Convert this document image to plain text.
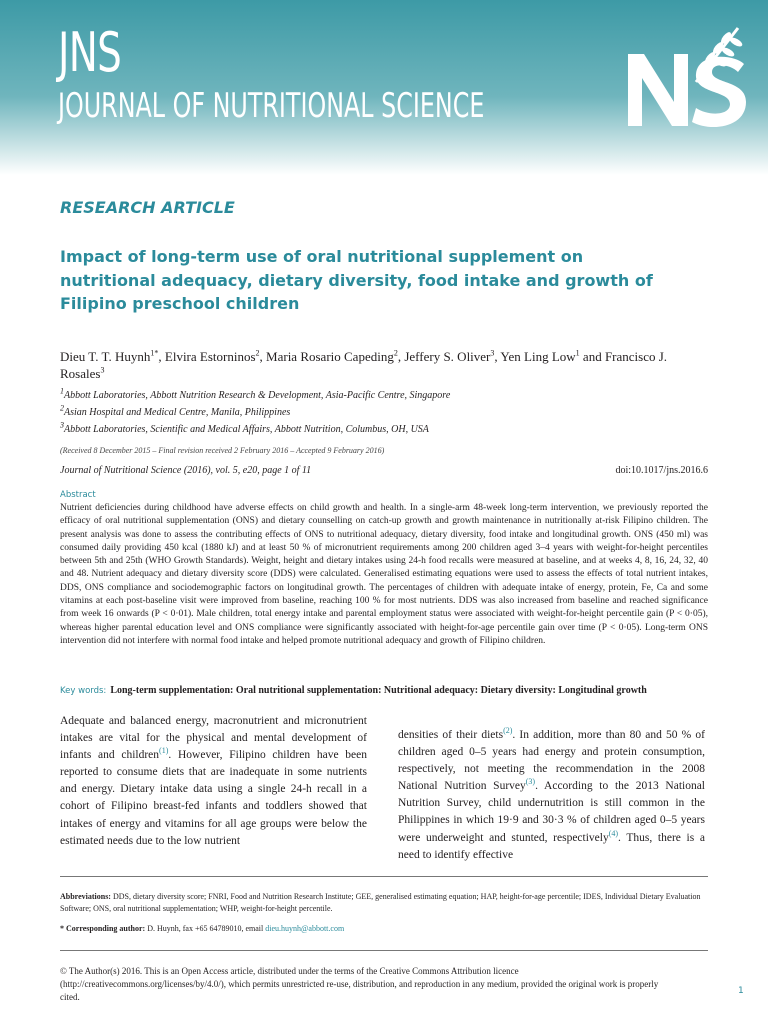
JNS
JOURNAL OF NUTRITIONAL SCIENCE

RESEARCH ARTICLE

Impact of long-term use of oral nutritional supplement on nutritional adequacy, dietary diversity, food intake and growth of Filipino preschool children

Dieu T. T. Huynh$^{1*}$, Elvira Estorninos$^2$, Maria Rosario Capeding$^2$, Jeffery S. Oliver$^3$, Yen Ling Low$^1$ and Francisco J. Rosales$^3$

$^1$Abbott Laboratories, Abbott Nutrition Research & Development, Asia-Pacific Centre, Singapore

$^2$Asian Hospital and Medical Centre, Manila, Philippines

$^3$Abbott Laboratories, Scientific and Medical Affairs, Abbott Nutrition, Columbus, OH, USA

(Received 8 December 2015 – Final revision received 2 February 2016 – Accepted 9 February 2016)

Journal of Nutritional Science (2016), vol. 5, e20, page 1 of 11	doi:10.1017/jns.2016.6
Abstract

Nutrient deficiencies during childhood have adverse effects on child growth and health. In a single-arm 48-week long-term intervention, we previously reported the efficacy of oral nutritional supplementation (ONS) and dietary counselling on catch-up growth and growth maintenance in nutritionally at-risk Filipino children. The present analysis was done to assess the contributing effects of ONS to nutritional adequacy, dietary diversity, food intake and longitudinal growth. ONS (450 ml) was consumed daily providing 450 kcal (1880 kJ) and at least 50 % of micronutrient requirements among 200 children aged 3–4 years with weight-for-height percentiles between 5th and 25th (WHO Growth Standards). Weight, height and dietary intakes using 24-h food recalls were measured at baseline, and at weeks 4, 8, 16, 24, 32, 40 and 48. Nutrient adequacy and dietary diversity score (DDS) were calculated. Generalised estimating equations were used to assess the effects of total nutrient intakes, DDS, ONS compliance and sociodemographic factors on longitudinal growth. The percentages of children with adequate intake of energy, protein, Fe, Ca and some vitamins at each post-baseline visit were improved from baseline, reaching 100 % for most nutrients. DDS was also increased from baseline and reached significance from week 16 onwards (P < 0·01). Male children, total energy intake and parental employment status were associated with weight-for-height percentile gain (P < 0·05), whereas higher parental education level and ONS compliance were significantly associated with height-for-age percentile gain over time (P < 0·05). Long-term ONS intervention did not interfere with normal food intake and helped promote nutritional adequacy and growth of Filipino children.

Key words: Long-term supplementation: Oral nutritional supplementation: Nutritional adequacy: Dietary diversity: Longitudinal growth

Adequate and balanced energy, macronutrient and micronutrient intakes are vital for the physical and mental development of infants and children$^{(1)}$. However, Filipino children have been reported to consume diets that are inadequate in some nutrients and energy. Dietary intake data using a single 24-h recall in a cohort of Filipino breast-fed infants and toddlers showed that intakes of energy and vitamins for all age groups were below the estimated needs due to the low nutrient

densities of their diets$^{(2)}$. In addition, more than 80 and 50 % of children aged 0–5 years had energy and protein consumption, respectively, not meeting the recommendation in the 2008 National Nutrition Survey$^{(3)}$. According to the 2013 National Nutrition Survey, child undernutrition is still common in the Philippines in which 19·9 and 30·3 % of children aged 0–5 years were underweight and stunted, respectively$^{(4)}$. Thus, there is a need to identify effective

Abbreviations: DDS, dietary diversity score; FNRI, Food and Nutrition Research Institute; GEE, generalised estimating equation; HAP, height-for-age percentile; IDES, Individual Dietary Evaluation Software; ONS, oral nutritional supplementation; WHP, weight-for-height percentile.

* Corresponding author: D. Huynh, fax +65 64789010, email dieu.huynh@abbott.com

© The Author(s) 2016. This is an Open Access article, distributed under the terms of the Creative Commons Attribution licence (http://creativecommons.org/licenses/by/4.0/), which permits unrestricted re-use, distribution, and reproduction in any medium, provided the original work is properly cited.

1
